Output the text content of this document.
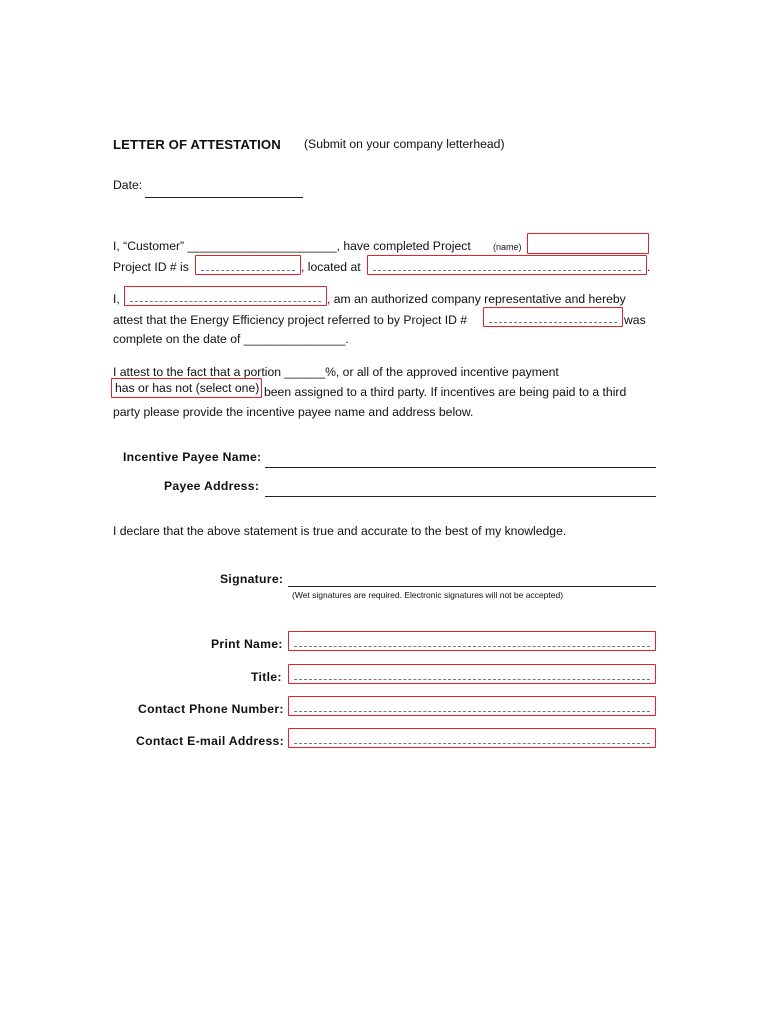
LETTER OF ATTESTATION (Submit on your company letterhead)
Date:
I, “Customer” ______________________, have completed Project (name)
Project ID # is	, located at	.
I,	, am an authorized company representative and hereby
attest that the Energy Efficiency project referred to by Project ID #	was
complete on the date of _______________.
I attest to the fact that a portion ______%, or all of the approved incentive payment
has or has not (select one) been assigned to a third party. If incentives are being paid to a third
party please provide the incentive payee name and address below.
Incentive Payee Name:
Payee Address:
I declare that the above statement is true and accurate to the best of my knowledge.
Signature:
(Wet signatures are required. Electronic signatures will not be accepted)
Print Name:
Title:
Contact Phone Number:
Contact E-mail Address:
